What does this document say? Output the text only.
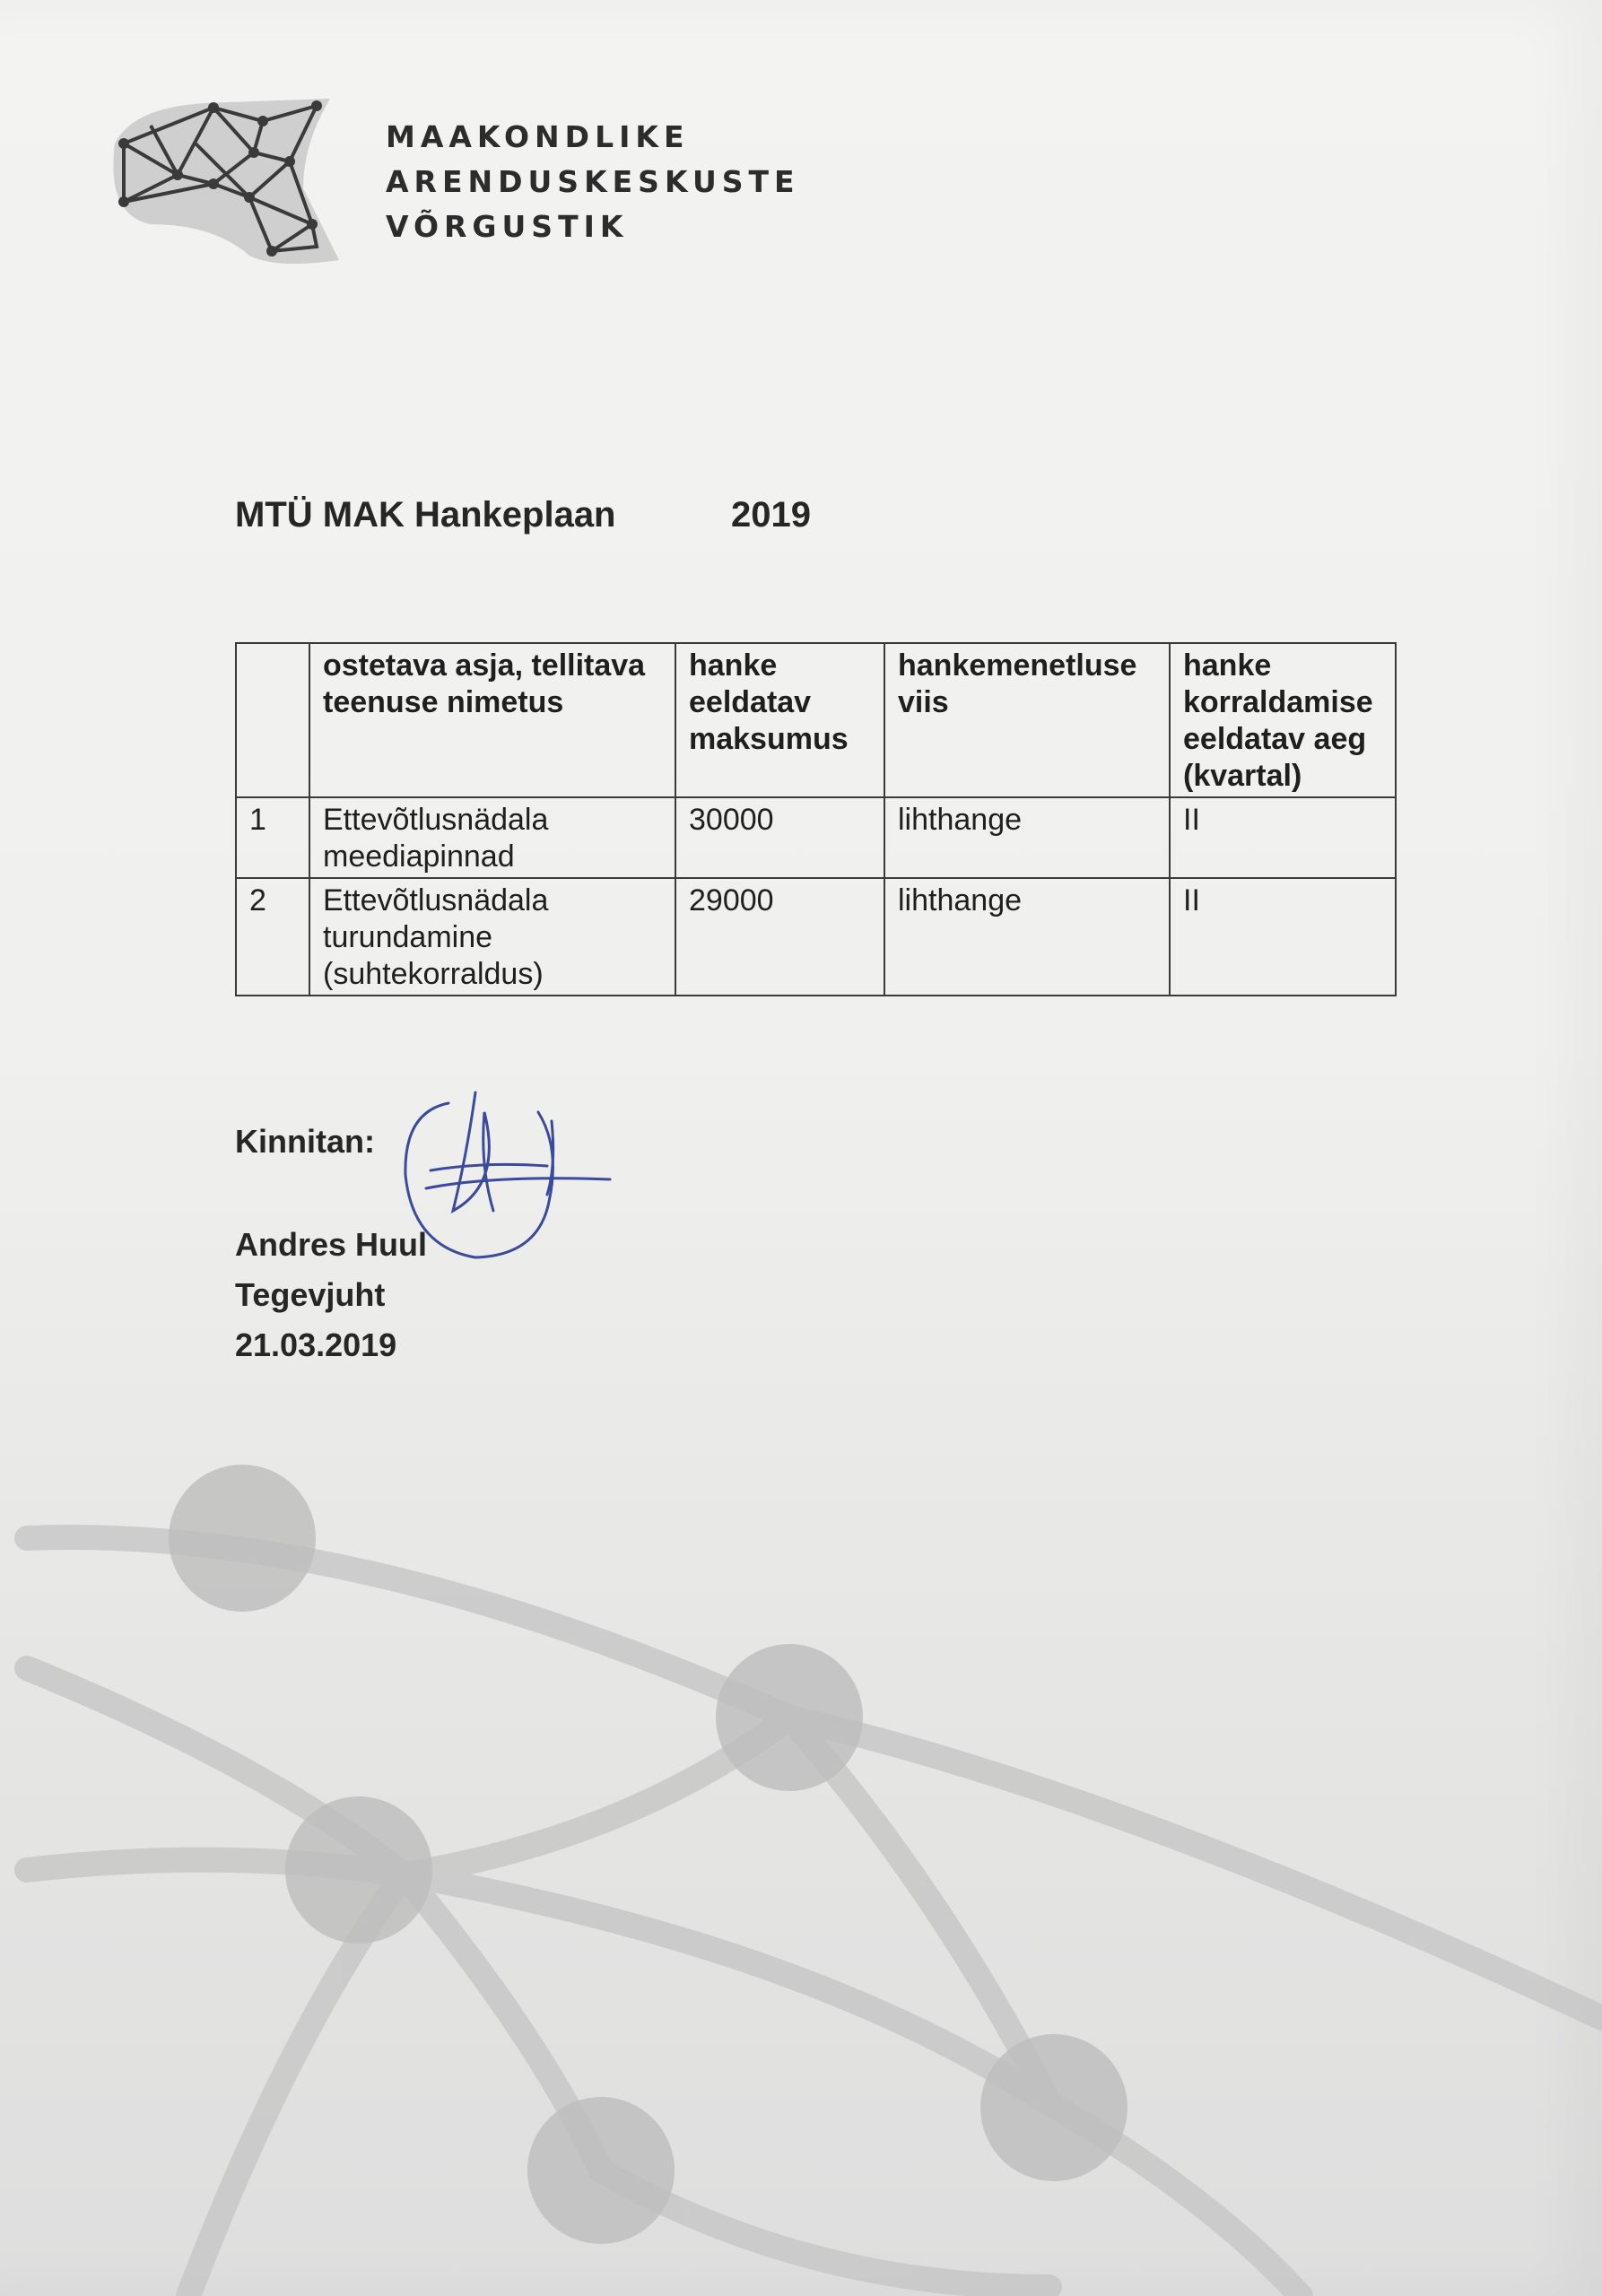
MAAKONDLIKE
ARENDUSKESKUSTE
VÕRGUSTIK
MTÜ MAK Hankeplaan	2019
	ostetava asja, tellitava teenuse nimetus	hanke eeldatav maksumus	hankemenetluse viis	hanke korraldamise eeldatav aeg (kvartal)
1	Ettevõtlusnädala meediapinnad	30000	lihthange	II
2	Ettevõtlusnädala turundamine (suhtekorraldus)	29000	lihthange	II
Kinnitan:
Andres Huul
Tegevjuht
21.03.2019
